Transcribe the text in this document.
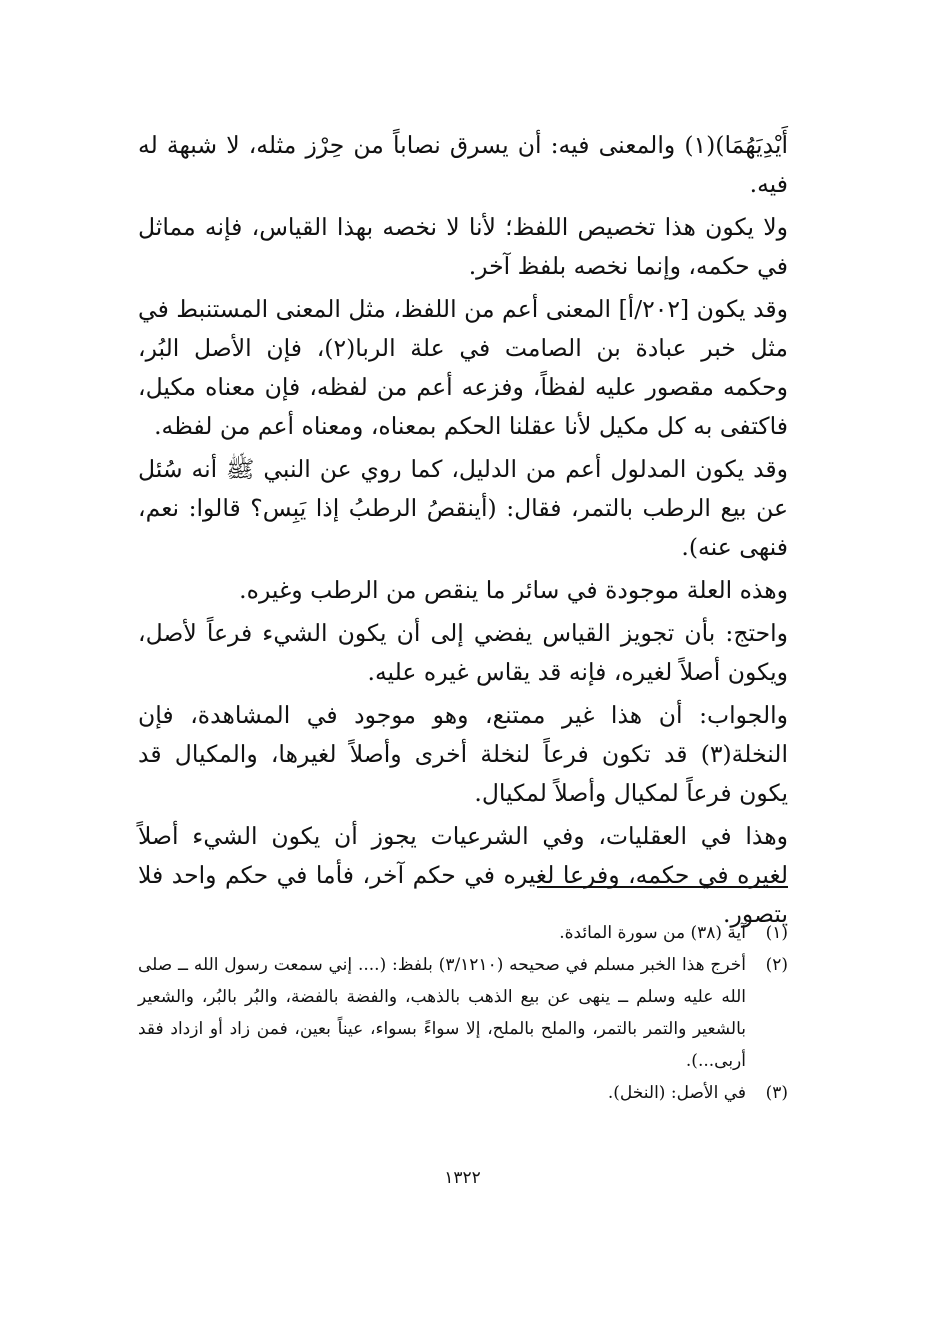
أَيْدِيَهُمَا)(١) والمعنى فيه: أن يسرق نصاباً من حِرْز مثله، لا شبهة له فيه.

ولا يكون هذا تخصيص اللفظ؛ لأنا لا نخصه بهذا القياس، فإنه مماثل في حكمه، وإنما نخصه بلفظ آخر.

وقد يكون [٢٠٢/أ] المعنى أعم من اللفظ، مثل المعنى المستنبط في مثل خبر عبادة بن الصامت في علة الربا(٢)، فإن الأصل البُر، وحكمه مقصور عليه لفظاً، وفزعه أعم من لفظه، فإن معناه مكيل، فاكتفى به كل مكيل لأنا عقلنا الحكم بمعناه، ومعناه أعم من لفظه.

وقد يكون المدلول أعم من الدليل، كما روي عن النبي ﷺ أنه سُئل عن بيع الرطب بالتمر، فقال: (أينقصُ الرطبُ إذا يَبِس؟ قالوا: نعم، فنهى عنه).

وهذه العلة موجودة في سائر ما ينقص من الرطب وغيره.

واحتج: بأن تجويز القياس يفضي إلى أن يكون الشيء فرعاً لأصل، ويكون أصلاً لغيره، فإنه قد يقاس غيره عليه.

والجواب: أن هذا غير ممتنع، وهو موجود في المشاهدة، فإن النخلة(٣) قد تكون فرعاً لنخلة أخرى وأصلاً لغيرها، والمكيال قد يكون فرعاً لمكيال وأصلاً لمكيال.

وهذا في العقليات، وفي الشرعيات يجوز أن يكون الشيء أصلاً لغيره في حكمه، وفرعا لغيره في حكم آخر، فأما في حكم واحد فلا يتصور.

(١)
آية (٣٨) من سورة المائدة.
(٢)
أخرج هذا الخبر مسلم في صحيحه (٣/١٢١٠) بلفظ: (.... إني سمعت رسول الله ــ صلى الله عليه وسلم ــ ينهى عن بيع الذهب بالذهب، والفضة بالفضة، والبُر بالبُر، والشعير بالشعير والتمر بالتمر، والملح بالملح، إلا سواءً بسواء، عيناً بعين، فمن زاد أو ازداد فقد أربى...).
(٣)
في الأصل: (النخل).
١٣٢٢
